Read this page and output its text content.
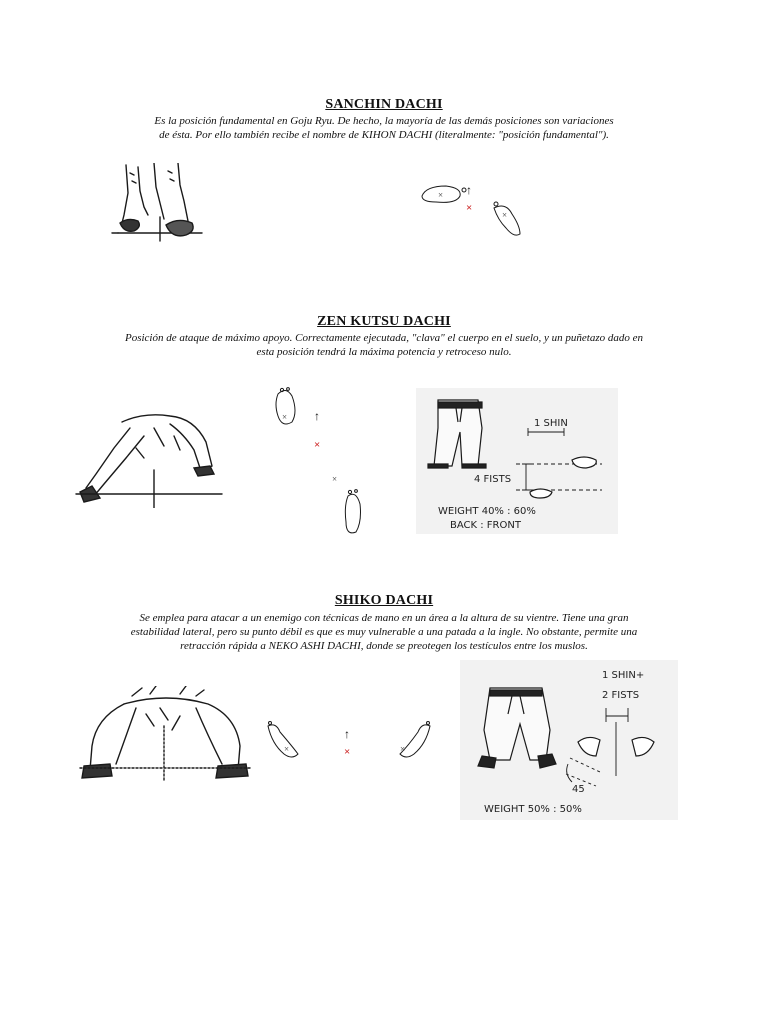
SANCHIN DACHI
Es la posición fundamental en Goju Ryu. De hecho, la mayoría de las demás posiciones son variaciones
de ésta. Por ello también recibe el nombre de KIHON DACHI (literalmente: "posición fundamental").
×
×
↑
×
ZEN KUTSU DACHI
Posición de ataque de máximo apoyo. Correctamente ejecutada, "clava" el cuerpo en el suelo, y un puñetazo dado en
esta posición tendrá la máxima potencia y retroceso nulo.
× ↑
×
×
1 SHIN
4 FISTS
WEIGHT 40% : 60%
BACK : FRONT
SHIKO DACHI
Se emplea para atacar a un enemigo con técnicas de mano en un área a la altura de su vientre. Tiene una gran
estabilidad lateral, pero su punto débil es que es muy vulnerable a una patada a la ingle. No obstante, permite una
retracción rápida a NEKO ASHI DACHI, donde se preotegen los testículos entre los muslos.
×	×
↑
×
1 SHIN+
2 FISTS
45
WEIGHT 50% : 50%
